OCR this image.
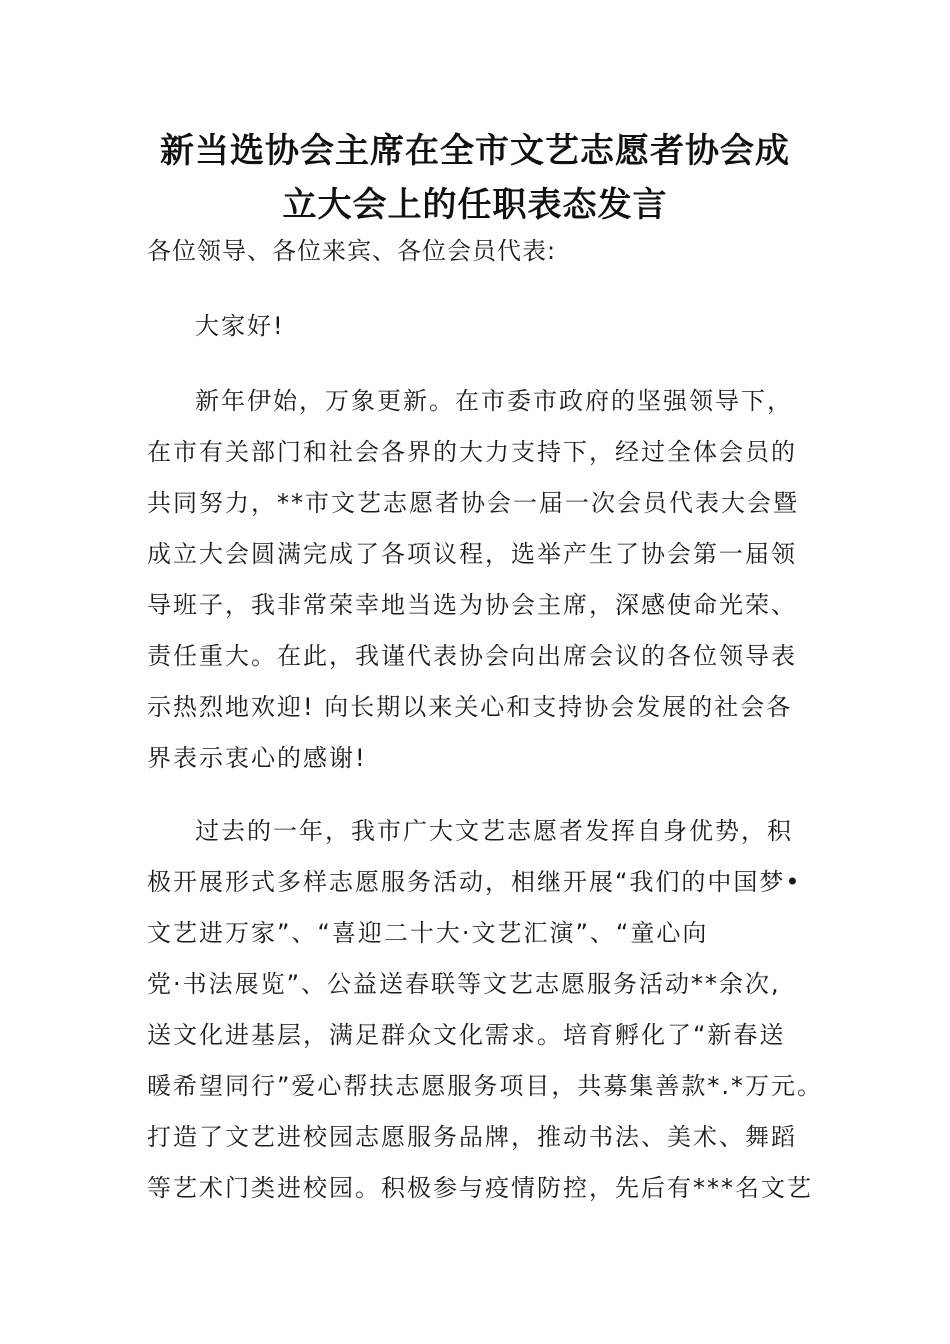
新当选协会主席在全市文艺志愿者协会成
立大会上的任职表态发言

各位领导、各位来宾、各位会员代表:

大家好!

新年伊始，万象更新。在市委市政府的坚强领导下，
在市有关部门和社会各界的大力支持下，经过全体会员的
共同努力，**市文艺志愿者协会一届一次会员代表大会暨
成立大会圆满完成了各项议程，选举产生了协会第一届领
导班子，我非常荣幸地当选为协会主席，深感使命光荣、
责任重大。在此，我谨代表协会向出席会议的各位领导表
示热烈地欢迎! 向长期以来关心和支持协会发展的社会各
界表示衷心的感谢!

过去的一年，我市广大文艺志愿者发挥自身优势，积
极开展形式多样志愿服务活动，相继开展“我们的中国梦•
文艺进万家”、“喜迎二十大·文艺汇演”、“童心向
党·书法展览”、公益送春联等文艺志愿服务活动**余次,
送文化进基层，满足群众文化需求。培育孵化了“新春送
暖希望同行”爱心帮扶志愿服务项目，共募集善款*.*万元。
打造了文艺进校园志愿服务品牌，推动书法、美术、舞蹈
等艺术门类进校园。积极参与疫情防控，先后有***名文艺
